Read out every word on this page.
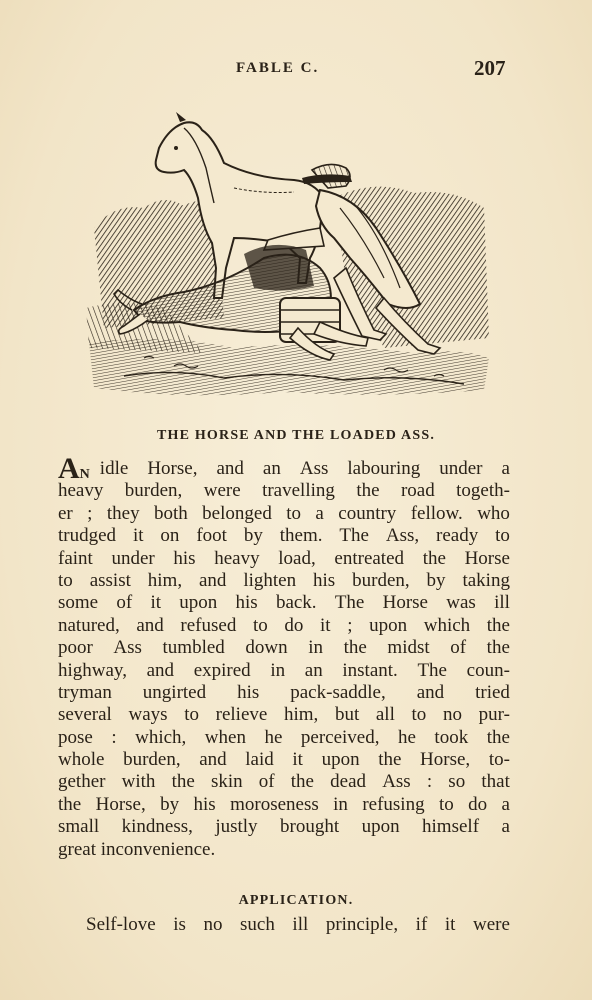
FABLE C.	207
THE HORSE AND THE LOADED ASS.
A N idle Horse, and an Ass labouring under a
heavy burden, were travelling the road togeth-
er ; they both belonged to a country fellow. who
trudged it on foot by them. The Ass, ready to
faint under his heavy load, entreated the Horse
to assist him, and lighten his burden, by taking
some of it upon his back. The Horse was ill
natured, and refused to do it ; upon which the
poor Ass tumbled down in the midst of the
highway, and expired in an instant. The coun-
tryman ungirted his pack-saddle, and tried
several ways to relieve him, but all to no pur-
pose : which, when he perceived, he took the
whole burden, and laid it upon the Horse, to-
gether with the skin of the dead Ass : so that
the Horse, by his moroseness in refusing to do a
small kindness, justly brought upon himself a
great inconvenience.
APPLICATION.
Self-love is no such ill principle, if it were
